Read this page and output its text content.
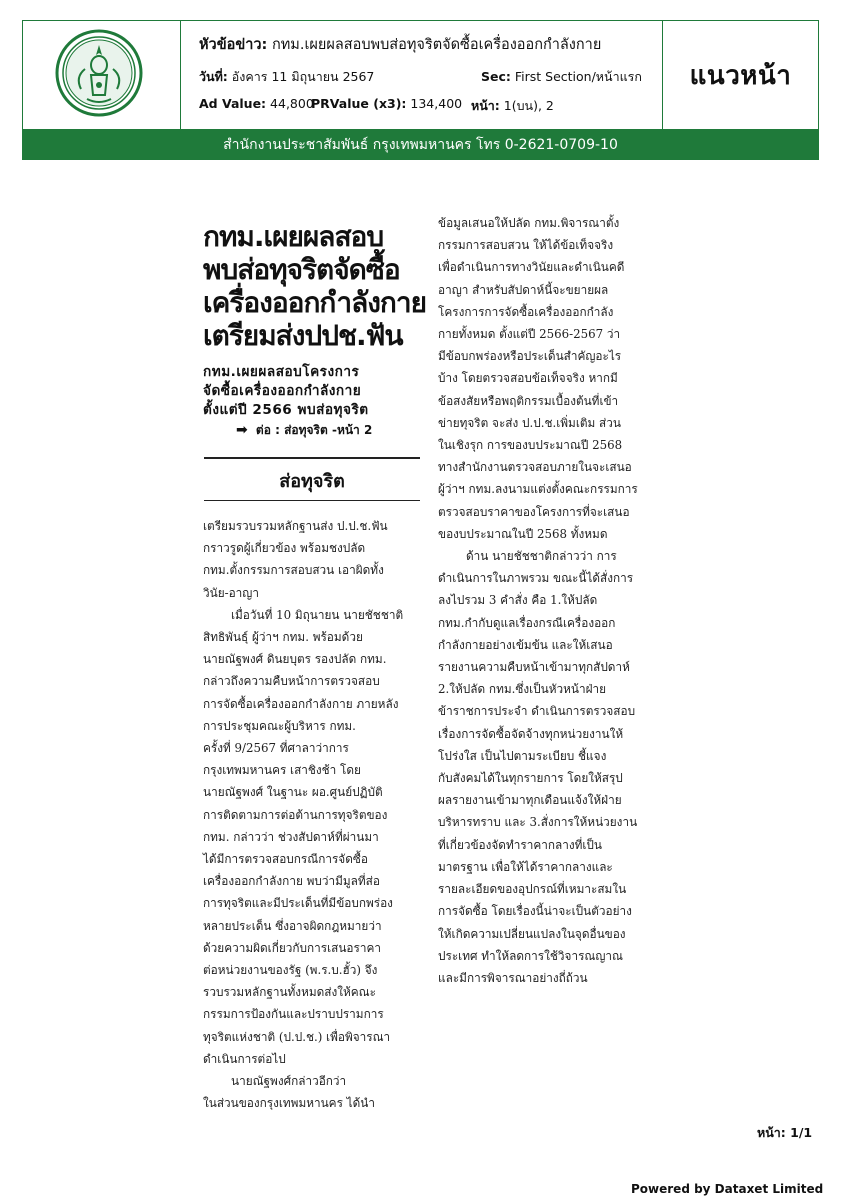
หัวข้อข่าว: กทม.เผยผลสอบพบส่อทุจริตจัดซื้อเครื่องออกกำลังกาย
วันที่: อังคาร 11 มิถุนายน 2567	Sec: First Section/หน้าแรก
Ad Value: 44,800
PRValue (x3): 134,400 หน้า: 1(บน), 2
แนวหน้า
สำนักงานประชาสัมพันธ์ กรุงเทพมหานคร โทร 0-2621-0709-10
กทม.เผยผลสอบ
พบส่อทุจริตจัดซื้อ
เครื่องออกกำลังกาย
เตรียมส่งปปช.ฟัน
กทม.เผยผลสอบโครงการ
จัดซื้อเครื่องออกกำลังกาย
ตั้งแต่ปี 2566 พบส่อทุจริต
➡ ต่อ : ส่อทุจริต -หน้า 2
ส่อทุจริต

เตรียมรวบรวมหลักฐานส่ง ป.ป.ช.ฟัน

กราวรูดผู้เกี่ยวข้อง พร้อมชงปลัด

กทม.ตั้งกรรมการสอบสวน เอาผิดทั้ง

วินัย-อาญา

เมื่อวันที่ 10 มิถุนายน นายชัชชาติ

สิทธิพันธุ์ ผู้ว่าฯ กทม. พร้อมด้วย

นายณัฐพงศ์ ดินยบุตร รองปลัด กทม.

กล่าวถึงความคืบหน้าการตรวจสอบ

การจัดซื้อเครื่องออกกำลังกาย ภายหลัง

การประชุมคณะผู้บริหาร กทม.

ครั้งที่ 9/2567 ที่ศาลาว่าการ

กรุงเทพมหานคร เสาชิงช้า โดย

นายณัฐพงศ์ ในฐานะ ผอ.ศูนย์ปฏิบัติ

การติดตามการต่อต้านการทุจริตของ

กทม. กล่าวว่า ช่วงสัปดาห์ที่ผ่านมา

ได้มีการตรวจสอบกรณีการจัดซื้อ

เครื่องออกกำลังกาย พบว่ามีมูลที่ส่อ

การทุจริตและมีประเด็นที่มีข้อบกพร่อง

หลายประเด็น ซึ่งอาจผิดกฎหมายว่า

ด้วยความผิดเกี่ยวกับการเสนอราคา

ต่อหน่วยงานของรัฐ (พ.ร.บ.ฮั้ว) จึง

รวบรวมหลักฐานทั้งหมดส่งให้คณะ

กรรมการป้องกันและปราบปรามการ

ทุจริตแห่งชาติ (ป.ป.ช.) เพื่อพิจารณา

ดำเนินการต่อไป

นายณัฐพงศ์กล่าวอีกว่า

ในส่วนของกรุงเทพมหานคร ได้นำ

ข้อมูลเสนอให้ปลัด กทม.พิจารณาตั้ง

กรรมการสอบสวน ให้ได้ข้อเท็จจริง

เพื่อดำเนินการทางวินัยและดำเนินคดี

อาญา สำหรับสัปดาห์นี้จะขยายผล

โครงการการจัดซื้อเครื่องออกกำลัง

กายทั้งหมด ตั้งแต่ปี 2566-2567 ว่า

มีข้อบกพร่องหรือประเด็นสำคัญอะไร

บ้าง โดยตรวจสอบข้อเท็จจริง หากมี

ข้อสงสัยหรือพฤติกรรมเบื้องต้นที่เข้า

ข่ายทุจริต จะส่ง ป.ป.ช.เพิ่มเติม ส่วน

ในเชิงรุก การของบประมาณปี 2568

ทางสำนักงานตรวจสอบภายในจะเสนอ

ผู้ว่าฯ กทม.ลงนามแต่งตั้งคณะกรรมการ

ตรวจสอบราคาของโครงการที่จะเสนอ

ของบประมาณในปี 2568 ทั้งหมด

ด้าน นายชัชชาติกล่าวว่า การ

ดำเนินการในภาพรวม ขณะนี้ได้สั่งการ

ลงไปรวม 3 คำสั่ง คือ 1.ให้ปลัด

กทม.กำกับดูแลเรื่องกรณีเครื่องออก

กำลังกายอย่างเข้มข้น และให้เสนอ

รายงานความคืบหน้าเข้ามาทุกสัปดาห์

2.ให้ปลัด กทม.ซึ่งเป็นหัวหน้าฝ่าย

ข้าราชการประจำ ดำเนินการตรวจสอบ

เรื่องการจัดซื้อจัดจ้างทุกหน่วยงานให้

โปร่งใส เป็นไปตามระเบียบ ชี้แจง

กับสังคมได้ในทุกรายการ โดยให้สรุป

ผลรายงานเข้ามาทุกเดือนแจ้งให้ฝ่าย

บริหารทราบ และ 3.สั่งการให้หน่วยงาน

ที่เกี่ยวข้องจัดทำราคากลางที่เป็น

มาตรฐาน เพื่อให้ได้ราคากลางและ

รายละเอียดของอุปกรณ์ที่เหมาะสมใน

การจัดซื้อ โดยเรื่องนี้น่าจะเป็นตัวอย่าง

ให้เกิดความเปลี่ยนแปลงในจุดอื่นของ

ประเทศ ทำให้ลดการใช้วิจารณญาณ

และมีการพิจารณาอย่างถี่ถ้วน

หน้า: 1/1
Powered by Dataxet Limited
